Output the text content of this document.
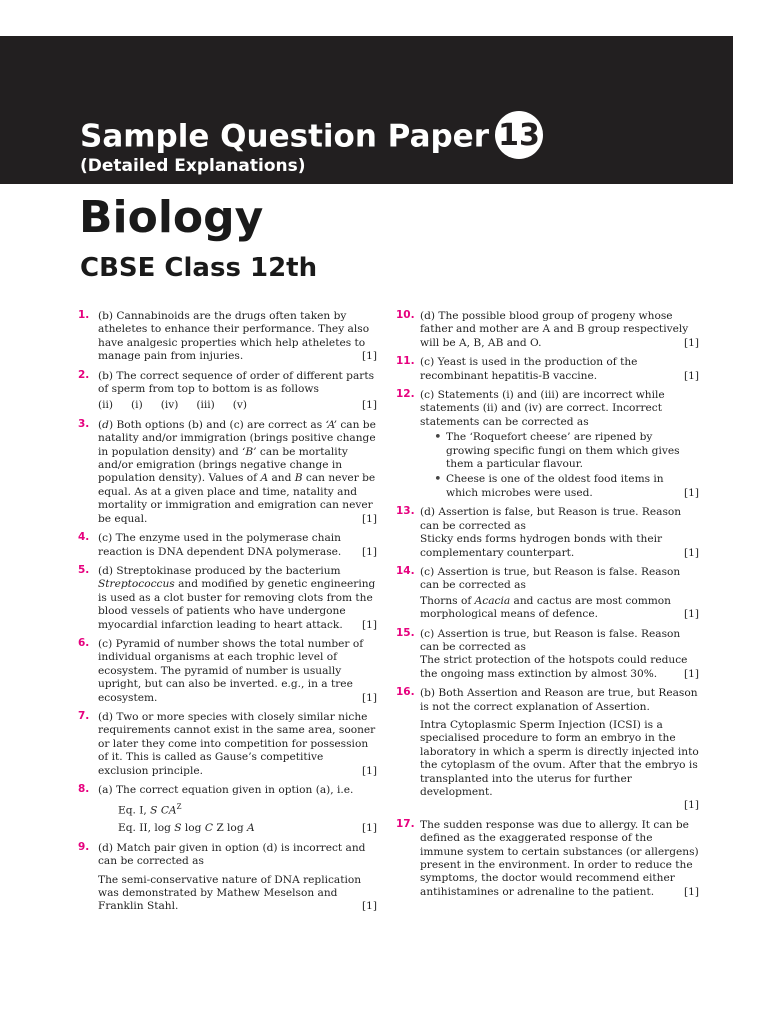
Sample Question Paper 13
(Detailed Explanations)
Biology
CBSE Class 12th
1. (b) Cannabinoids are the drugs often taken by atheletes to enhance their performance. They also have analgesic properties which help atheletes to manage pain from injuries.	[1]
2. (b) The correct sequence of order of different parts of sperm from top to bottom is as follows
(ii) (i) (iv) (iii) (v)	[1]
3. (d) Both options (b) and (c) are correct as ‘A’ can be natality and/or immigration (brings positive change in population density) and ‘B’ can be mortality and/or emigration (brings negative change in population density). Values of A and B can never be equal. As at a given place and time, natality and mortality or immigration and emigration can never be equal.	[1]
4. (c) The enzyme used in the polymerase chain reaction is DNA dependent DNA polymerase. [1]
5. (d) Streptokinase produced by the bacterium Streptococcus and modified by genetic engineering is used as a clot buster for removing clots from the blood vessels of patients who have undergone myocardial infarction leading to heart attack. [1]
6. (c) Pyramid of number shows the total number of individual organisms at each trophic level of ecosystem. The pyramid of number is usually upright, but can also be inverted. e.g., in a tree ecosystem.	[1]
7. (d) Two or more species with closely similar niche requirements cannot exist in the same area, sooner or later they come into competition for possession of it. This is called as Gause’s competitive exclusion principle.	[1]
8. (a) The correct equation given in option (a), i.e.
Eq. I, S $CA^Z$
Eq. II, log S log C Z log A	[1]
9. (d) Match pair given in option (d) is incorrect and can be corrected as
The semi-conservative nature of DNA replication was demonstrated by Mathew Meselson and Franklin Stahl.	[1]
10. (d) The possible blood group of progeny whose father and mother are A and B group respectively will be A, B, AB and O.	[1]
11. (c) Yeast is used in the production of the recombinant hepatitis-B vaccine.	[1]
12. (c) Statements (i) and (iii) are incorrect while statements (ii) and (iv) are correct. Incorrect statements can be corrected as
• The ‘Roquefort cheese’ are ripened by growing specific fungi on them which gives them a particular flavour.
• Cheese is one of the oldest food items in which microbes were used.	[1]
13. (d) Assertion is false, but Reason is true. Reason can be corrected as
Sticky ends forms hydrogen bonds with their complementary counterpart.	[1]
14. (c) Assertion is true, but Reason is false. Reason can be corrected as
Thorns of Acacia and cactus are most common morphological means of defence.	[1]
15. (c) Assertion is true, but Reason is false. Reason can be corrected as
The strict protection of the hotspots could reduce the ongoing mass extinction by almost 30%.	[1]
16. (b) Both Assertion and Reason are true, but Reason is not the correct explanation of Assertion.
Intra Cytoplasmic Sperm Injection (ICSI) is a specialised procedure to form an embryo in the laboratory in which a sperm is directly injected into the cytoplasm of the ovum. After that the embryo is transplanted into the uterus for further development.
[1]
17. The sudden response was due to allergy. It can be defined as the exaggerated response of the immune system to certain substances (or allergens) present in the environment. In order to reduce the symptoms, the doctor would recommend either antihistamines or adrenaline to the patient.	[1]
